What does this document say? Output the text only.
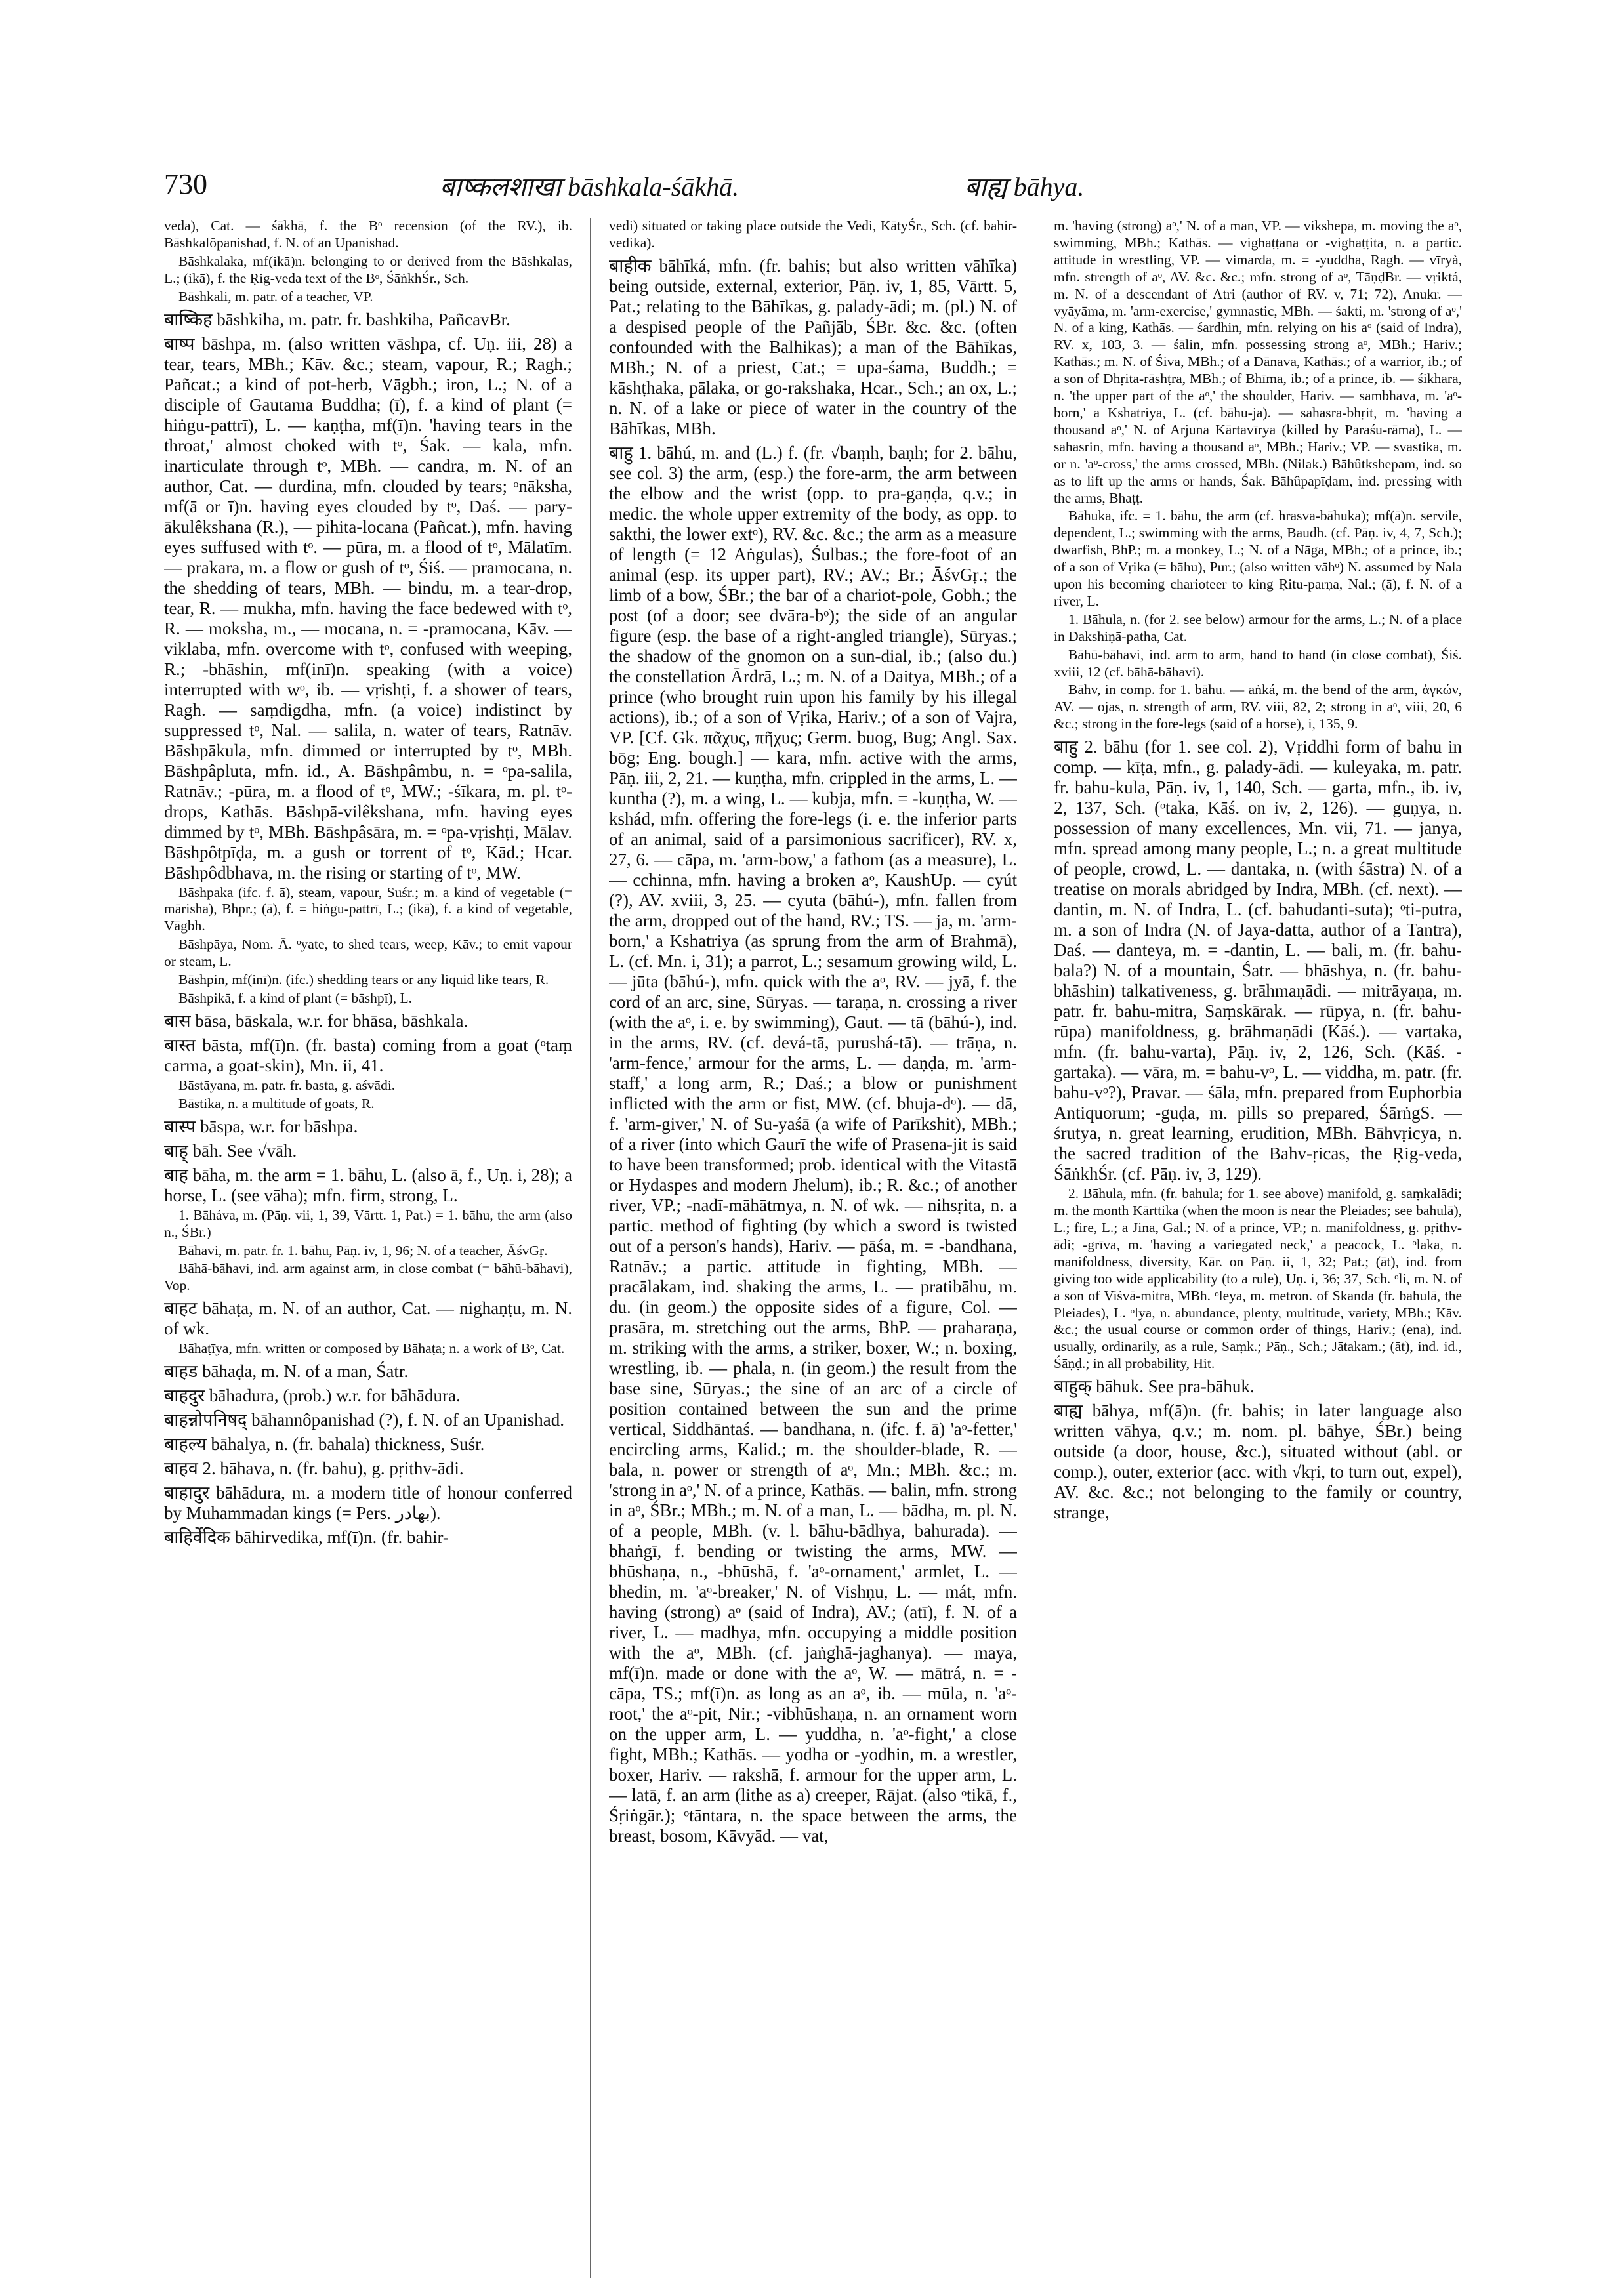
730	बाष्कलशाखा bāshkala-śākhā.	बाह्य bāhya.

veda), Cat. — śākhā, f. the Bᵒ recension (of the RV.), ib. Bāshkalôpanishad, f. N. of an Upanishad.

Bāshkalaka, mf(ikā)n. belonging to or derived from the Bāshkalas, L.; (ikā), f. the Ṛig-veda text of the Bᵒ, ŚāṅkhŚr., Sch.

Bāshkali, m. patr. of a teacher, VP.

बाष्किह bāshkiha, m. patr. fr. bashkiha, PañcavBr.

बाष्प bāshpa, m. (also written vāshpa, cf. Uṇ. iii, 28) a tear, tears, MBh.; Kāv. &c.; steam, vapour, R.; Ragh.; Pañcat.; a kind of pot-herb, Vāgbh.; iron, L.; N. of a disciple of Gautama Buddha; (ī), f. a kind of plant (= hiṅgu-pattrī), L. — kaṇṭha, mf(ī)n. 'having tears in the throat,' almost choked with tᵒ, Śak. — kala, mfn. inarticulate through tᵒ, MBh. — candra, m. N. of an author, Cat. — durdina, mfn. clouded by tears; ᵒnāksha, mf(ā or ī)n. having eyes clouded by tᵒ, Daś. — pary-ākulêkshana (R.), — pihita-locana (Pañcat.), mfn. having eyes suffused with tᵒ. — pūra, m. a flood of tᵒ, Mālatīm. — prakara, m. a flow or gush of tᵒ, Śiś. — pramocana, n. the shedding of tears, MBh. — bindu, m. a tear-drop, tear, R. — mukha, mfn. having the face bedewed with tᵒ, R. — moksha, m., — mocana, n. = -pramocana, Kāv. — viklaba, mfn. overcome with tᵒ, confused with weeping, R.; -bhāshin, mf(inī)n. speaking (with a voice) interrupted with wᵒ, ib. — vṛishṭi, f. a shower of tears, Ragh. — saṃdigdha, mfn. (a voice) indistinct by suppressed tᵒ, Nal. — salila, n. water of tears, Ratnāv. Bāshpākula, mfn. dimmed or interrupted by tᵒ, MBh. Bāshpâpluta, mfn. id., A. Bāshpâmbu, n. = ᵒpa-salila, Ratnāv.; -pūra, m. a flood of tᵒ, MW.; -śīkara, m. pl. tᵒ-drops, Kathās. Bāshpā-vilêkshana, mfn. having eyes dimmed by tᵒ, MBh. Bāshpâsāra, m. = ᵒpa-vṛishṭi, Mālav. Bāshpôtpīḍa, m. a gush or torrent of tᵒ, Kād.; Hcar. Bāshpôdbhava, m. the rising or starting of tᵒ, MW.

Bāshpaka (ifc. f. ā), steam, vapour, Suśr.; m. a kind of vegetable (= mārisha), Bhpr.; (ā), f. = hiṅgu-pattrī, L.; (ikā), f. a kind of vegetable, Vāgbh.

Bāshpāya, Nom. Ā. ᵒyate, to shed tears, weep, Kāv.; to emit vapour or steam, L.

Bāshpin, mf(inī)n. (ifc.) shedding tears or any liquid like tears, R.

Bāshpikā, f. a kind of plant (= bāshpī), L.

बास bāsa, bāskala, w.r. for bhāsa, bāshkala.

बास्त bāsta, mf(ī)n. (fr. basta) coming from a goat (ᵒtaṃ carma, a goat-skin), Mn. ii, 41.

Bāstāyana, m. patr. fr. basta, g. aśvādi.

Bāstika, n. a multitude of goats, R.

बास्प bāspa, w.r. for bāshpa.

बाह् bāh. See √vāh.

बाह bāha, m. the arm = 1. bāhu, L. (also ā, f., Uṇ. i, 28); a horse, L. (see vāha); mfn. firm, strong, L.

1. Bāháva, m. (Pāṇ. vii, 1, 39, Vārtt. 1, Pat.) = 1. bāhu, the arm (also n., ŚBr.)

Bāhavi, m. patr. fr. 1. bāhu, Pāṇ. iv, 1, 96; N. of a teacher, ĀśvGṛ.

Bāhā-bāhavi, ind. arm against arm, in close combat (= bāhū-bāhavi), Vop.

बाहट bāhaṭa, m. N. of an author, Cat. — nighaṇṭu, m. N. of wk.

Bāhaṭīya, mfn. written or composed by Bāhaṭa; n. a work of Bᵒ, Cat.

बाहड bāhaḍa, m. N. of a man, Śatr.

बाहदुर bāhadura, (prob.) w.r. for bāhādura.

बाहन्नोपनिषद् bāhannôpanishad (?), f. N. of an Upanishad.

बाहल्य bāhalya, n. (fr. bahala) thickness, Suśr.

बाहव 2. bāhava, n. (fr. bahu), g. pṛithv-ādi.

बाहादुर bāhādura, m. a modern title of honour conferred by Muhammadan kings (= Pers. بهادر).

बाहिर्वेदिक bāhirvedika, mf(ī)n. (fr. bahir-

vedi) situated or taking place outside the Vedi, KātyŚr., Sch. (cf. bahir-vedika).

बाहीक bāhīká, mfn. (fr. bahis; but also written vāhīka) being outside, external, exterior, Pāṇ. iv, 1, 85, Vārtt. 5, Pat.; relating to the Bāhīkas, g. palady-ādi; m. (pl.) N. of a despised people of the Pañjāb, ŚBr. &c. &c. (often confounded with the Balhikas); a man of the Bāhīkas, MBh.; N. of a priest, Cat.; = upa-śama, Buddh.; = kāshṭhaka, pālaka, or go-rakshaka, Hcar., Sch.; an ox, L.; n. N. of a lake or piece of water in the country of the Bāhīkas, MBh.

बाहु 1. bāhú, m. and (L.) f. (fr. √baṃh, baṇh; for 2. bāhu, see col. 3) the arm, (esp.) the fore-arm, the arm between the elbow and the wrist (opp. to pra-gaṇḍa, q.v.; in medic. the whole upper extremity of the body, as opp. to sakthi, the lower extᵒ), RV. &c. &c.; the arm as a measure of length (= 12 Aṅgulas), Śulbas.; the fore-foot of an animal (esp. its upper part), RV.; AV.; Br.; ĀśvGṛ.; the limb of a bow, ŚBr.; the bar of a chariot-pole, Gobh.; the post (of a door; see dvāra-bᵒ); the side of an angular figure (esp. the base of a right-angled triangle), Sūryas.; the shadow of the gnomon on a sun-dial, ib.; (also du.) the constellation Ārdrā, L.; m. N. of a Daitya, MBh.; of a prince (who brought ruin upon his family by his illegal actions), ib.; of a son of Vṛika, Hariv.; of a son of Vajra, VP. [Cf. Gk. πᾶχυς, πῆχυς; Germ. buog, Bug; Angl. Sax. bōg; Eng. bough.] — kara, mfn. active with the arms, Pāṇ. iii, 2, 21. — kuṇṭha, mfn. crippled in the arms, L. — kuntha (?), m. a wing, L. — kubja, mfn. = -kuṇṭha, W. — kshád, mfn. offering the fore-legs (i. e. the inferior parts of an animal, said of a parsimonious sacrificer), RV. x, 27, 6. — cāpa, m. 'arm-bow,' a fathom (as a measure), L. — cchinna, mfn. having a broken aᵒ, KaushUp. — cyút (?), AV. xviii, 3, 25. — cyuta (bāhú-), mfn. fallen from the arm, dropped out of the hand, RV.; TS. — ja, m. 'arm-born,' a Kshatriya (as sprung from the arm of Brahmā), L. (cf. Mn. i, 31); a parrot, L.; sesamum growing wild, L. — jūta (bāhú-), mfn. quick with the aᵒ, RV. — jyā, f. the cord of an arc, sine, Sūryas. — taraṇa, n. crossing a river (with the aᵒ, i. e. by swimming), Gaut. — tā (bāhú-), ind. in the arms, RV. (cf. devá-tā, purushá-tā). — trāṇa, n. 'arm-fence,' armour for the arms, L. — daṇḍa, m. 'arm-staff,' a long arm, R.; Daś.; a blow or punishment inflicted with the arm or fist, MW. (cf. bhuja-dᵒ). — dā, f. 'arm-giver,' N. of Su-yaśā (a wife of Parīkshit), MBh.; of a river (into which Gaurī the wife of Prasena-jit is said to have been transformed; prob. identical with the Vitastā or Hydaspes and modern Jhelum), ib.; R. &c.; of another river, VP.; -nadī-māhātmya, n. N. of wk. — nihsṛita, n. a partic. method of fighting (by which a sword is twisted out of a person's hands), Hariv. — pāśa, m. = -bandhana, Ratnāv.; a partic. attitude in fighting, MBh. — pracālakam, ind. shaking the arms, L. — pratibāhu, m. du. (in geom.) the opposite sides of a figure, Col. — prasāra, m. stretching out the arms, BhP. — praharaṇa, m. striking with the arms, a striker, boxer, W.; n. boxing, wrestling, ib. — phala, n. (in geom.) the result from the base sine, Sūryas.; the sine of an arc of a circle of position contained between the sun and the prime vertical, Siddhāntaś. — bandhana, n. (ifc. f. ā) 'aᵒ-fetter,' encircling arms, Kalid.; m. the shoulder-blade, R. — bala, n. power or strength of aᵒ, Mn.; MBh. &c.; m. 'strong in aᵒ,' N. of a prince, Kathās. — balin, mfn. strong in aᵒ, ŚBr.; MBh.; m. N. of a man, L. — bādha, m. pl. N. of a people, MBh. (v. l. bāhu-bādhya, bahurada). — bhaṅgī, f. bending or twisting the arms, MW. — bhūshaṇa, n., -bhūshā, f. 'aᵒ-ornament,' armlet, L. — bhedin, m. 'aᵒ-breaker,' N. of Vishṇu, L. — mát, mfn. having (strong) aᵒ (said of Indra), AV.; (atī), f. N. of a river, L. — madhya, mfn. occupying a middle position with the aᵒ, MBh. (cf. jaṅghā-jaghanya). — maya, mf(ī)n. made or done with the aᵒ, W. — mātrá, n. = -cāpa, TS.; mf(ī)n. as long as an aᵒ, ib. — mūla, n. 'aᵒ-root,' the aᵒ-pit, Nir.; -vibhūshaṇa, n. an ornament worn on the upper arm, L. — yuddha, n. 'aᵒ-fight,' a close fight, MBh.; Kathās. — yodha or -yodhin, m. a wrestler, boxer, Hariv. — rakshā, f. armour for the upper arm, L. — latā, f. an arm (lithe as a) creeper, Rājat. (also ᵒtikā, f., Śṛiṅgār.); ᵒtāntara, n. the space between the arms, the breast, bosom, Kāvyād. — vat,

m. 'having (strong) aᵒ,' N. of a man, VP. — vikshepa, m. moving the aᵒ, swimming, MBh.; Kathās. — vighaṭṭana or -vighaṭṭita, n. a partic. attitude in wrestling, VP. — vimarda, m. = -yuddha, Ragh. — vīryà, mfn. strength of aᵒ, AV. &c. &c.; mfn. strong of aᵒ, TāṇḍBr. — vṛiktá, m. N. of a descendant of Atri (author of RV. v, 71; 72), Anukr. — vyāyāma, m. 'arm-exercise,' gymnastic, MBh. — śakti, m. 'strong of aᵒ,' N. of a king, Kathās. — śardhin, mfn. relying on his aᵒ (said of Indra), RV. x, 103, 3. — śālin, mfn. possessing strong aᵒ, MBh.; Hariv.; Kathās.; m. N. of Śiva, MBh.; of a Dānava, Kathās.; of a warrior, ib.; of a son of Dhṛita-rāshṭra, MBh.; of Bhīma, ib.; of a prince, ib. — śikhara, n. 'the upper part of the aᵒ,' the shoulder, Hariv. — sambhava, m. 'aᵒ-born,' a Kshatriya, L. (cf. bāhu-ja). — sahasra-bhṛit, m. 'having a thousand aᵒ,' N. of Arjuna Kārtavīrya (killed by Paraśu-rāma), L. — sahasrin, mfn. having a thousand aᵒ, MBh.; Hariv.; VP. — svastika, m. or n. 'aᵒ-cross,' the arms crossed, MBh. (Nilak.) Bāhûtkshepam, ind. so as to lift up the arms or hands, Śak. Bāhûpapīḍam, ind. pressing with the arms, Bhaṭṭ.

Bāhuka, ifc. = 1. bāhu, the arm (cf. hrasva-bāhuka); mf(ā)n. servile, dependent, L.; swimming with the arms, Baudh. (cf. Pāṇ. iv, 4, 7, Sch.); dwarfish, BhP.; m. a monkey, L.; N. of a Nāga, MBh.; of a prince, ib.; of a son of Vṛika (= bāhu), Pur.; (also written vāhᵒ) N. assumed by Nala upon his becoming charioteer to king Ṛitu-parṇa, Nal.; (ā), f. N. of a river, L.

1. Bāhula, n. (for 2. see below) armour for the arms, L.; N. of a place in Dakshiṇā-patha, Cat.

Bāhū-bāhavi, ind. arm to arm, hand to hand (in close combat), Śiś. xviii, 12 (cf. bāhā-bāhavi).

Bāhv, in comp. for 1. bāhu. — aṅká, m. the bend of the arm, ἀγκών, AV. — ojas, n. strength of arm, RV. viii, 82, 2; strong in aᵒ, viii, 20, 6 &c.; strong in the fore-legs (said of a horse), i, 135, 9.

बाहु 2. bāhu (for 1. see col. 2), Vṛiddhi form of bahu in comp. — kīṭa, mfn., g. palady-ādi. — kuleyaka, m. patr. fr. bahu-kula, Pāṇ. iv, 1, 140, Sch. — garta, mfn., ib. iv, 2, 137, Sch. (ᵒtaka, Kāś. on iv, 2, 126). — guṇya, n. possession of many excellences, Mn. vii, 71. — janya, mfn. spread among many people, L.; n. a great multitude of people, crowd, L. — dantaka, n. (with śāstra) N. of a treatise on morals abridged by Indra, MBh. (cf. next). — dantin, m. N. of Indra, L. (cf. bahudanti-suta); ᵒti-putra, m. a son of Indra (N. of Jaya-datta, author of a Tantra), Daś. — danteya, m. = -dantin, L. — bali, m. (fr. bahu-bala?) N. of a mountain, Śatr. — bhāshya, n. (fr. bahu-bhāshin) talkativeness, g. brāhmaṇādi. — mitrāyaṇa, m. patr. fr. bahu-mitra, Saṃskārak. — rūpya, n. (fr. bahu-rūpa) manifoldness, g. brāhmaṇādi (Kāś.). — vartaka, mfn. (fr. bahu-varta), Pāṇ. iv, 2, 126, Sch. (Kāś. -gartaka). — vāra, m. = bahu-vᵒ, L. — viddha, m. patr. (fr. bahu-vᵒ?), Pravar. — śāla, mfn. prepared from Euphorbia Antiquorum; -guḍa, m. pills so prepared, ŚārṅgS. — śrutya, n. great learning, erudition, MBh. Bāhvṛicya, n. the sacred tradition of the Bahv-ṛicas, the Ṛig-veda, ŚāṅkhŚr. (cf. Pāṇ. iv, 3, 129).

2. Bāhula, mfn. (fr. bahula; for 1. see above) manifold, g. saṃkalādi; m. the month Kārttika (when the moon is near the Pleiades; see bahulā), L.; fire, L.; a Jina, Gal.; N. of a prince, VP.; n. manifoldness, g. pṛithv-ādi; -grīva, m. 'having a variegated neck,' a peacock, L. ᵒlaka, n. manifoldness, diversity, Kār. on Pāṇ. ii, 1, 32; Pat.; (āt), ind. from giving too wide applicability (to a rule), Uṇ. i, 36; 37, Sch. ᵒli, m. N. of a son of Viśvā-mitra, MBh. ᵒleya, m. metron. of Skanda (fr. bahulā, the Pleiades), L. ᵒlya, n. abundance, plenty, multitude, variety, MBh.; Kāv. &c.; the usual course or common order of things, Hariv.; (ena), ind. usually, ordinarily, as a rule, Saṃk.; Pāṇ., Sch.; Jātakam.; (āt), ind. id., Śāṇḍ.; in all probability, Hit.

बाहुक् bāhuk. See pra-bāhuk.

बाह्य bāhya, mf(ā)n. (fr. bahis; in later language also written vāhya, q.v.; m. nom. pl. bāhye, ŚBr.) being outside (a door, house, &c.), situated without (abl. or comp.), outer, exterior (acc. with √kṛi, to turn out, expel), AV. &c. &c.; not belonging to the family or country, strange,
